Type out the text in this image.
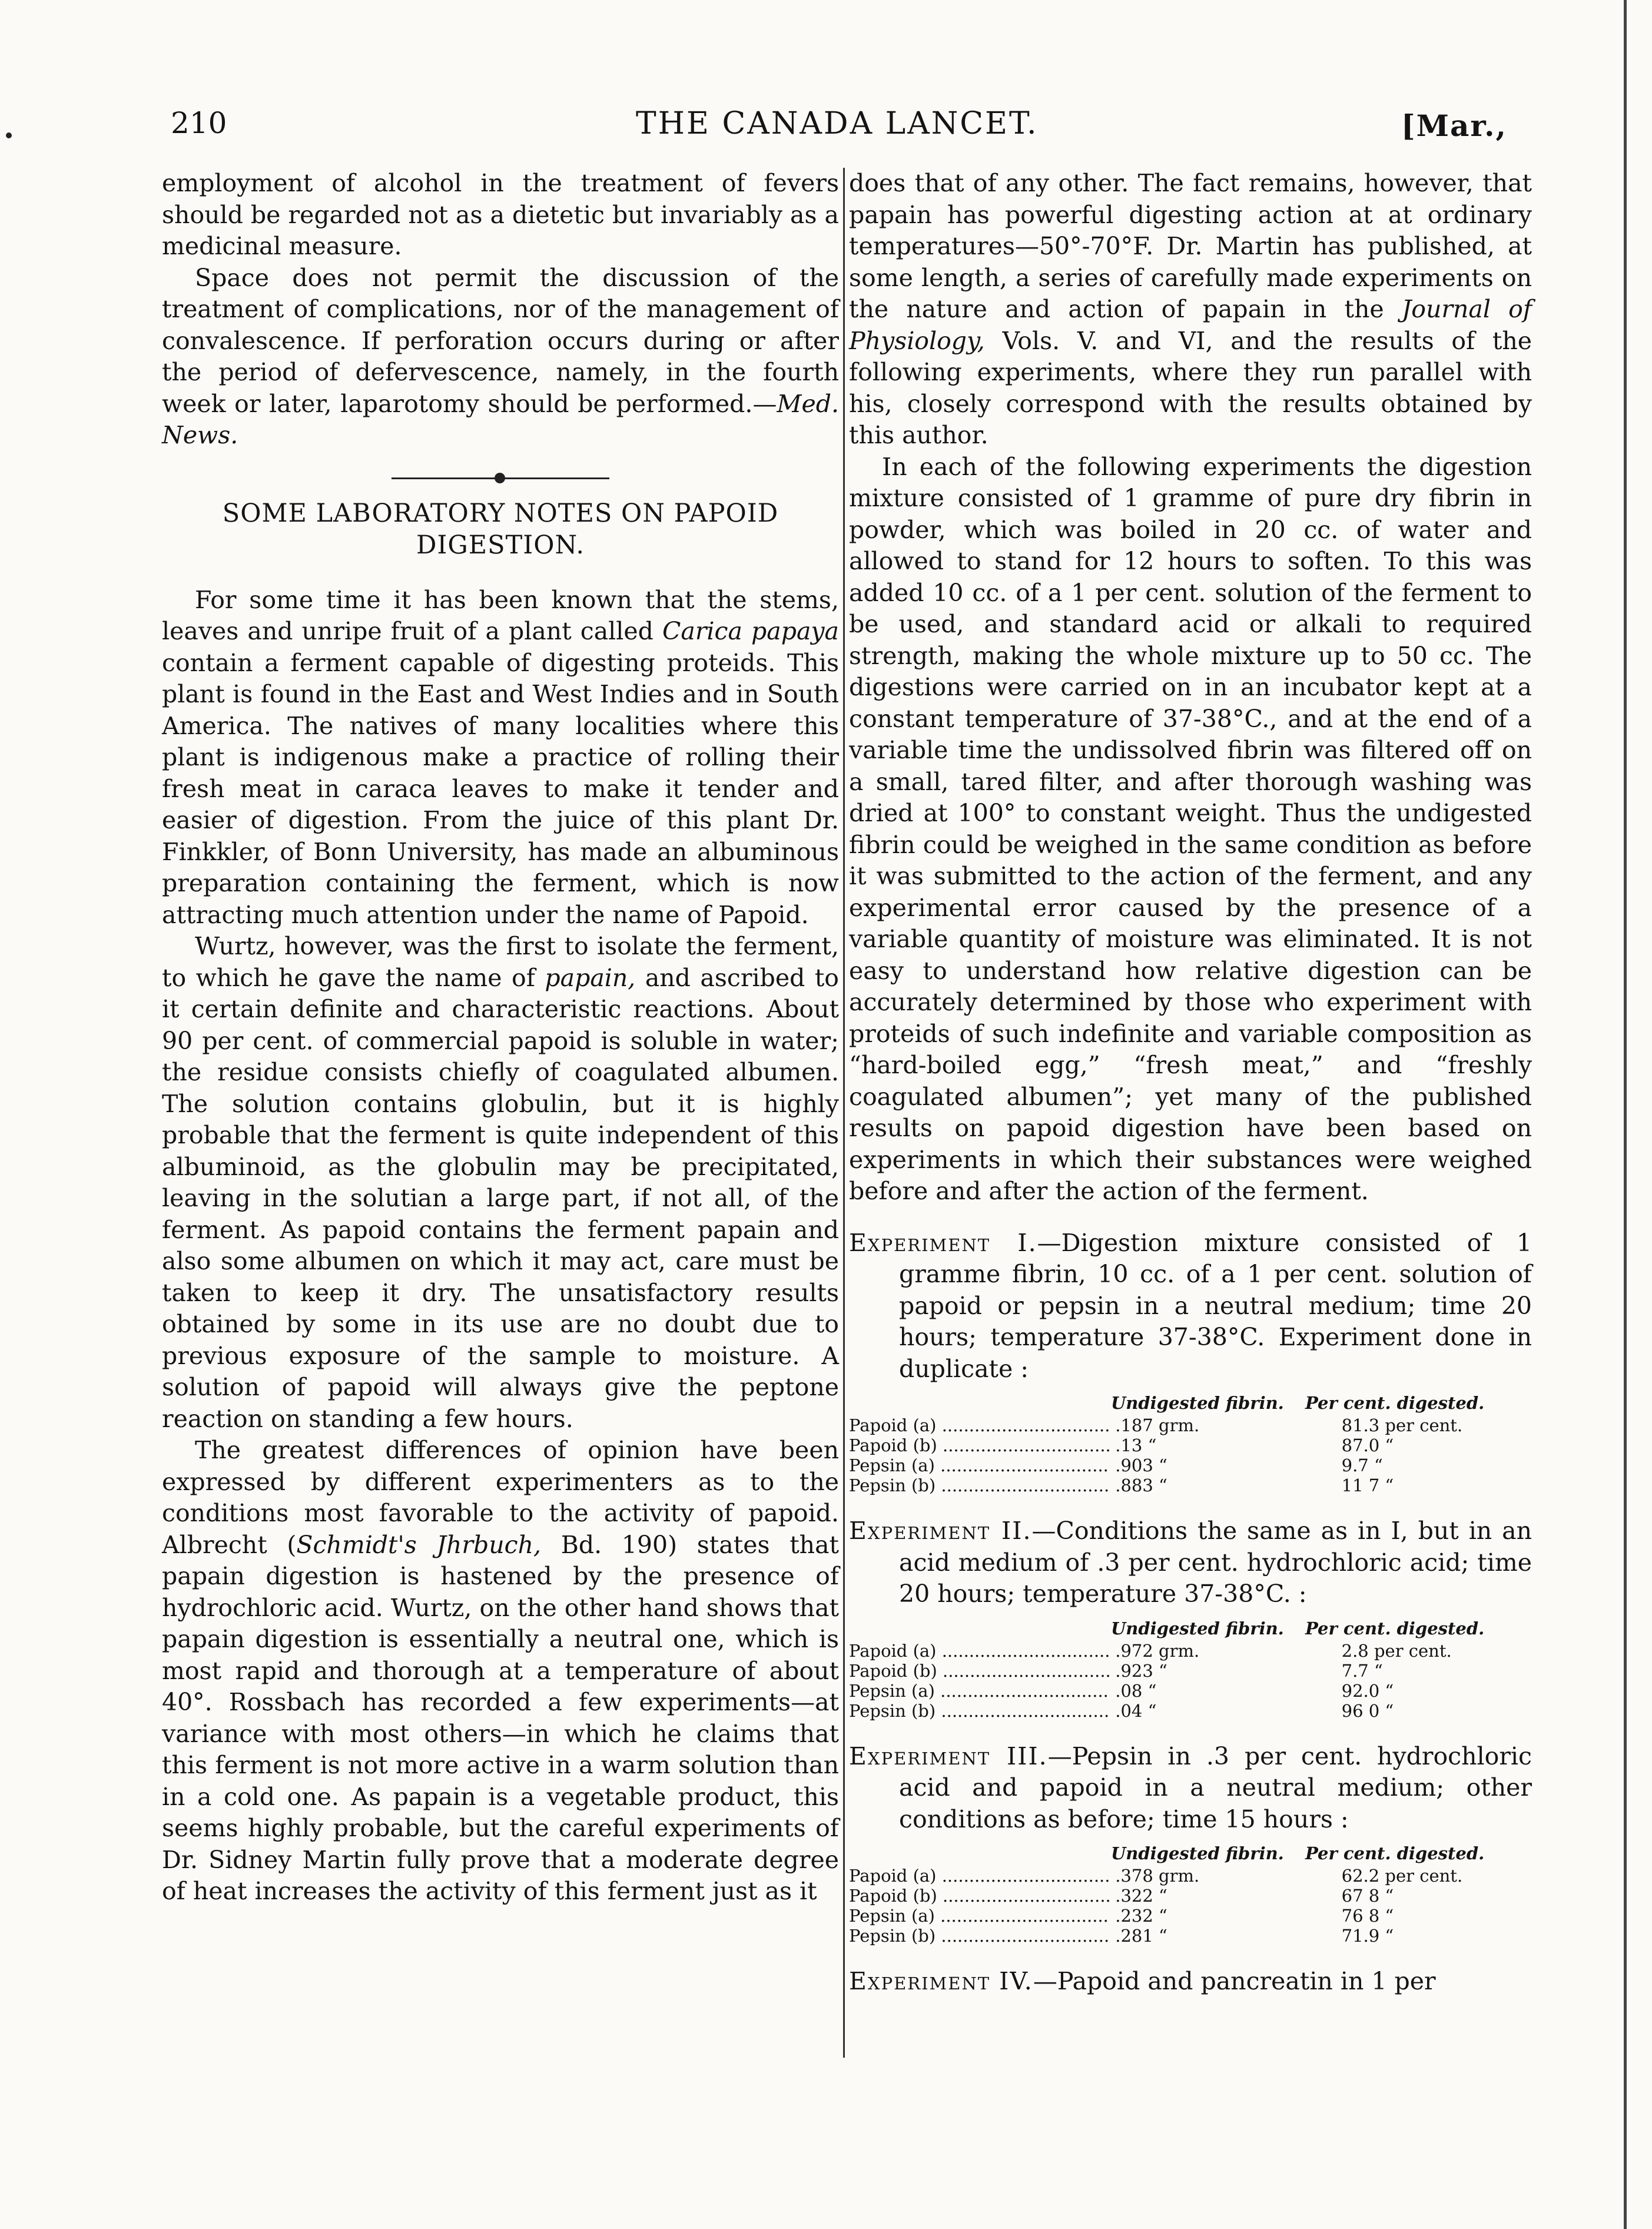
210	THE CANADA LANCET.	[Mar.,

employment of alcohol in the treatment of fevers should be regarded not as a dietetic but invariably as a medicinal measure.

Space does not permit the discussion of the treatment of complications, nor of the management of convalescence. If perforation occurs during or after the period of defervescence, namely, in the fourth week or later, laparotomy should be performed.—Med. News.

SOME LABORATORY NOTES ON PAPOID DIGESTION.

For some time it has been known that the stems, leaves and unripe fruit of a plant called Carica papaya contain a ferment capable of digesting proteids. This plant is found in the East and West Indies and in South America. The natives of many localities where this plant is indigenous make a practice of rolling their fresh meat in caraca leaves to make it tender and easier of digestion. From the juice of this plant Dr. Finkkler, of Bonn University, has made an albuminous preparation containing the ferment, which is now attracting much attention under the name of Papoid.

Wurtz, however, was the first to isolate the ferment, to which he gave the name of papain, and ascribed to it certain definite and characteristic reactions. About 90 per cent. of commercial papoid is soluble in water; the residue consists chiefly of coagulated albumen. The solution contains globulin, but it is highly probable that the ferment is quite independent of this albuminoid, as the globulin may be precipitated, leaving in the solutian a large part, if not all, of the ferment. As papoid contains the ferment papain and also some albumen on which it may act, care must be taken to keep it dry. The unsatisfactory results obtained by some in its use are no doubt due to previous exposure of the sample to moisture. A solution of papoid will always give the peptone reaction on standing a few hours.

The greatest differences of opinion have been expressed by different experimenters as to the conditions most favorable to the activity of papoid. Albrecht (Schmidt's Jhrbuch, Bd. 190) states that papain digestion is hastened by the presence of hydrochloric acid. Wurtz, on the other hand shows that papain digestion is essentially a neutral one, which is most rapid and thorough at a temperature of about 40°. Rossbach has recorded a few experiments—at variance with most others—in which he claims that this ferment is not more active in a warm solution than in a cold one. As papain is a vegetable product, this seems highly probable, but the careful experiments of Dr. Sidney Martin fully prove that a moderate degree of heat increases the activity of this ferment just as it

does that of any other. The fact remains, however, that papain has powerful digesting action at at ordinary temperatures—50°-70°F. Dr. Martin has published, at some length, a series of carefully made experiments on the nature and action of papain in the Journal of Physiology, Vols. V. and VI, and the results of the following experiments, where they run parallel with his, closely correspond with the results obtained by this author.

In each of the following experiments the digestion mixture consisted of 1 gramme of pure dry fibrin in powder, which was boiled in 20 cc. of water and allowed to stand for 12 hours to soften. To this was added 10 cc. of a 1 per cent. solution of the ferment to be used, and standard acid or alkali to required strength, making the whole mixture up to 50 cc. The digestions were carried on in an incubator kept at a constant temperature of 37-38°C., and at the end of a variable time the undissolved fibrin was filtered off on a small, tared filter, and after thorough washing was dried at 100° to constant weight. Thus the undigested fibrin could be weighed in the same condition as before it was submitted to the action of the ferment, and any experimental error caused by the presence of a variable quantity of moisture was eliminated. It is not easy to understand how relative digestion can be accurately determined by those who experiment with proteids of such indefinite and variable composition as “hard-boiled egg,” “fresh meat,” and “freshly coagulated albumen”; yet many of the published results on papoid digestion have been based on experiments in which their substances were weighed before and after the action of the ferment.

Experiment I.—Digestion mixture consisted of 1 gramme fibrin, 10 cc. of a 1 per cent. solution of papoid or pepsin in a neutral medium; time 20 hours; temperature 37-38°C. Experiment done in duplicate :
Undigested fibrin.	Per cent. digested.
Papoid (a) .....	.187 grm.	81.3 per cent.
Papoid (b) .....	.13 “	87.0 “
Pepsin (a) .....	.903 “	9.7 “
Pepsin (b) .....	.883 “	11 7 “
Experiment II.—Conditions the same as in I, but in an acid medium of .3 per cent. hydrochloric acid; time 20 hours; temperature 37-38°C. :
Undigested fibrin.	Per cent. digested.
Papoid (a) .....	.972 grm.	2.8 per cent.
Papoid (b) .....	.923 “	7.7 “
Pepsin (a) .....	.08 “	92.0 “
Pepsin (b) .....	.04 “	96 0 “
Experiment III.—Pepsin in .3 per cent. hydrochloric acid and papoid in a neutral medium; other conditions as before; time 15 hours :
Undigested fibrin.	Per cent. digested.
Papoid (a) .....	.378 grm.	62.2 per cent.
Papoid (b) .....	.322 “	67 8 “
Pepsin (a) .....	.232 “	76 8 “
Pepsin (b) .....	.281 “	71.9 “
Experiment IV.—Papoid and pancreatin in 1 per
